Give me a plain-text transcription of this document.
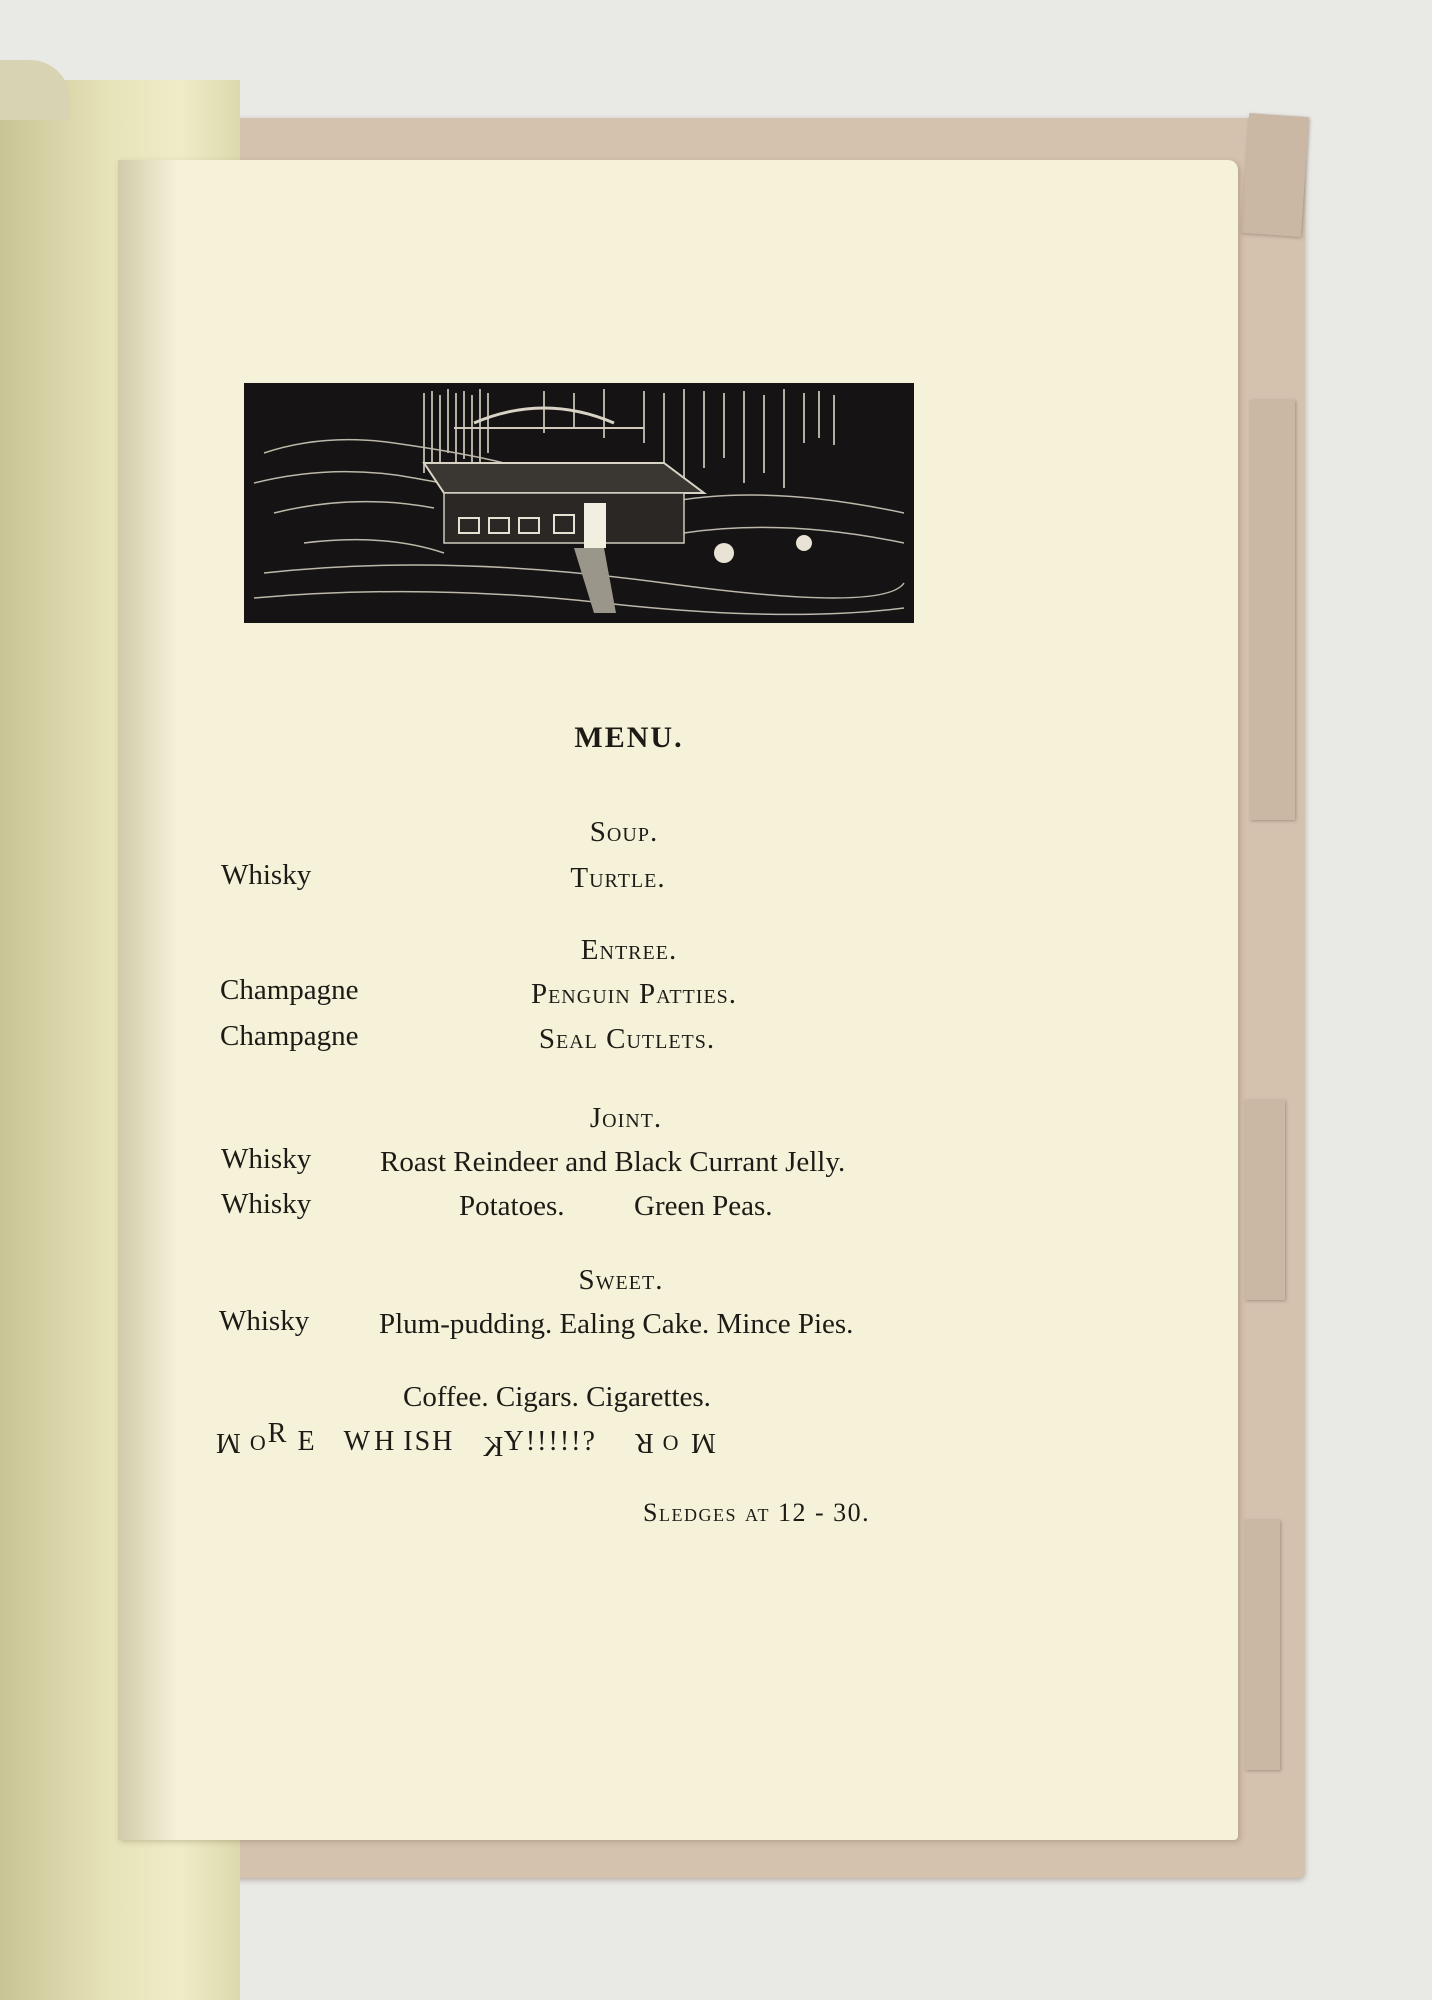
MENU.

Soup.

Whisky	Turtle.

Entree.

Champagne	Penguin Patties.

Champagne	Seal Cutlets.

Joint.

Whisky Roast Reindeer and Black Currant Jelly.

Whisky	Potatoes. Green Peas.

Sweet.

Whisky Plum-pudding. Ealing Cake. Mince Pies.

Coffee. Cigars. Cigarettes.

M OR E WH ISH KY!!!!!? R O M

Sledges at 12 - 30.
